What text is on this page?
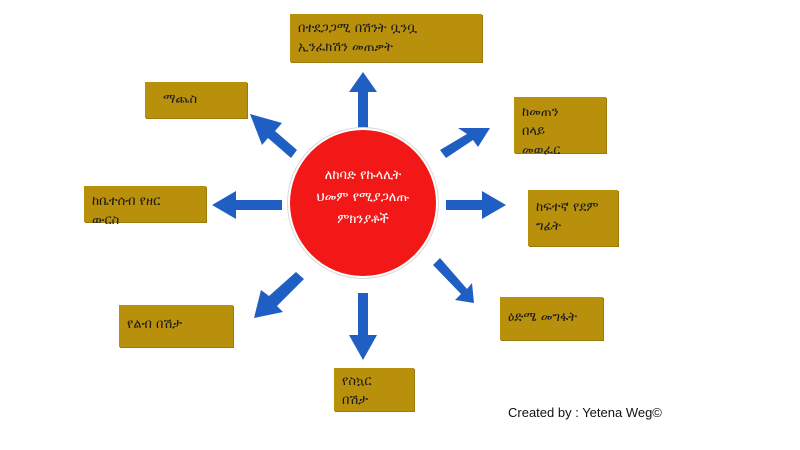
ለከባድ የኩላሊት
ህመም የሚያጋለጡ
ምክንያቶች
በተደጋጋሚ በሽንት ቧንቧ
ኢንፈክሽን መጠቃት
ማጨስ
ከመጠን
በላይ
መወፈር
ከቤተሰብ የዘር
ውርስ
ከፍተኛ የደም
ግፊት
የልብ በሽታ
የስኳር
በሽታ
ዕድሜ መግፋት
Created by : Yetena Weg©
